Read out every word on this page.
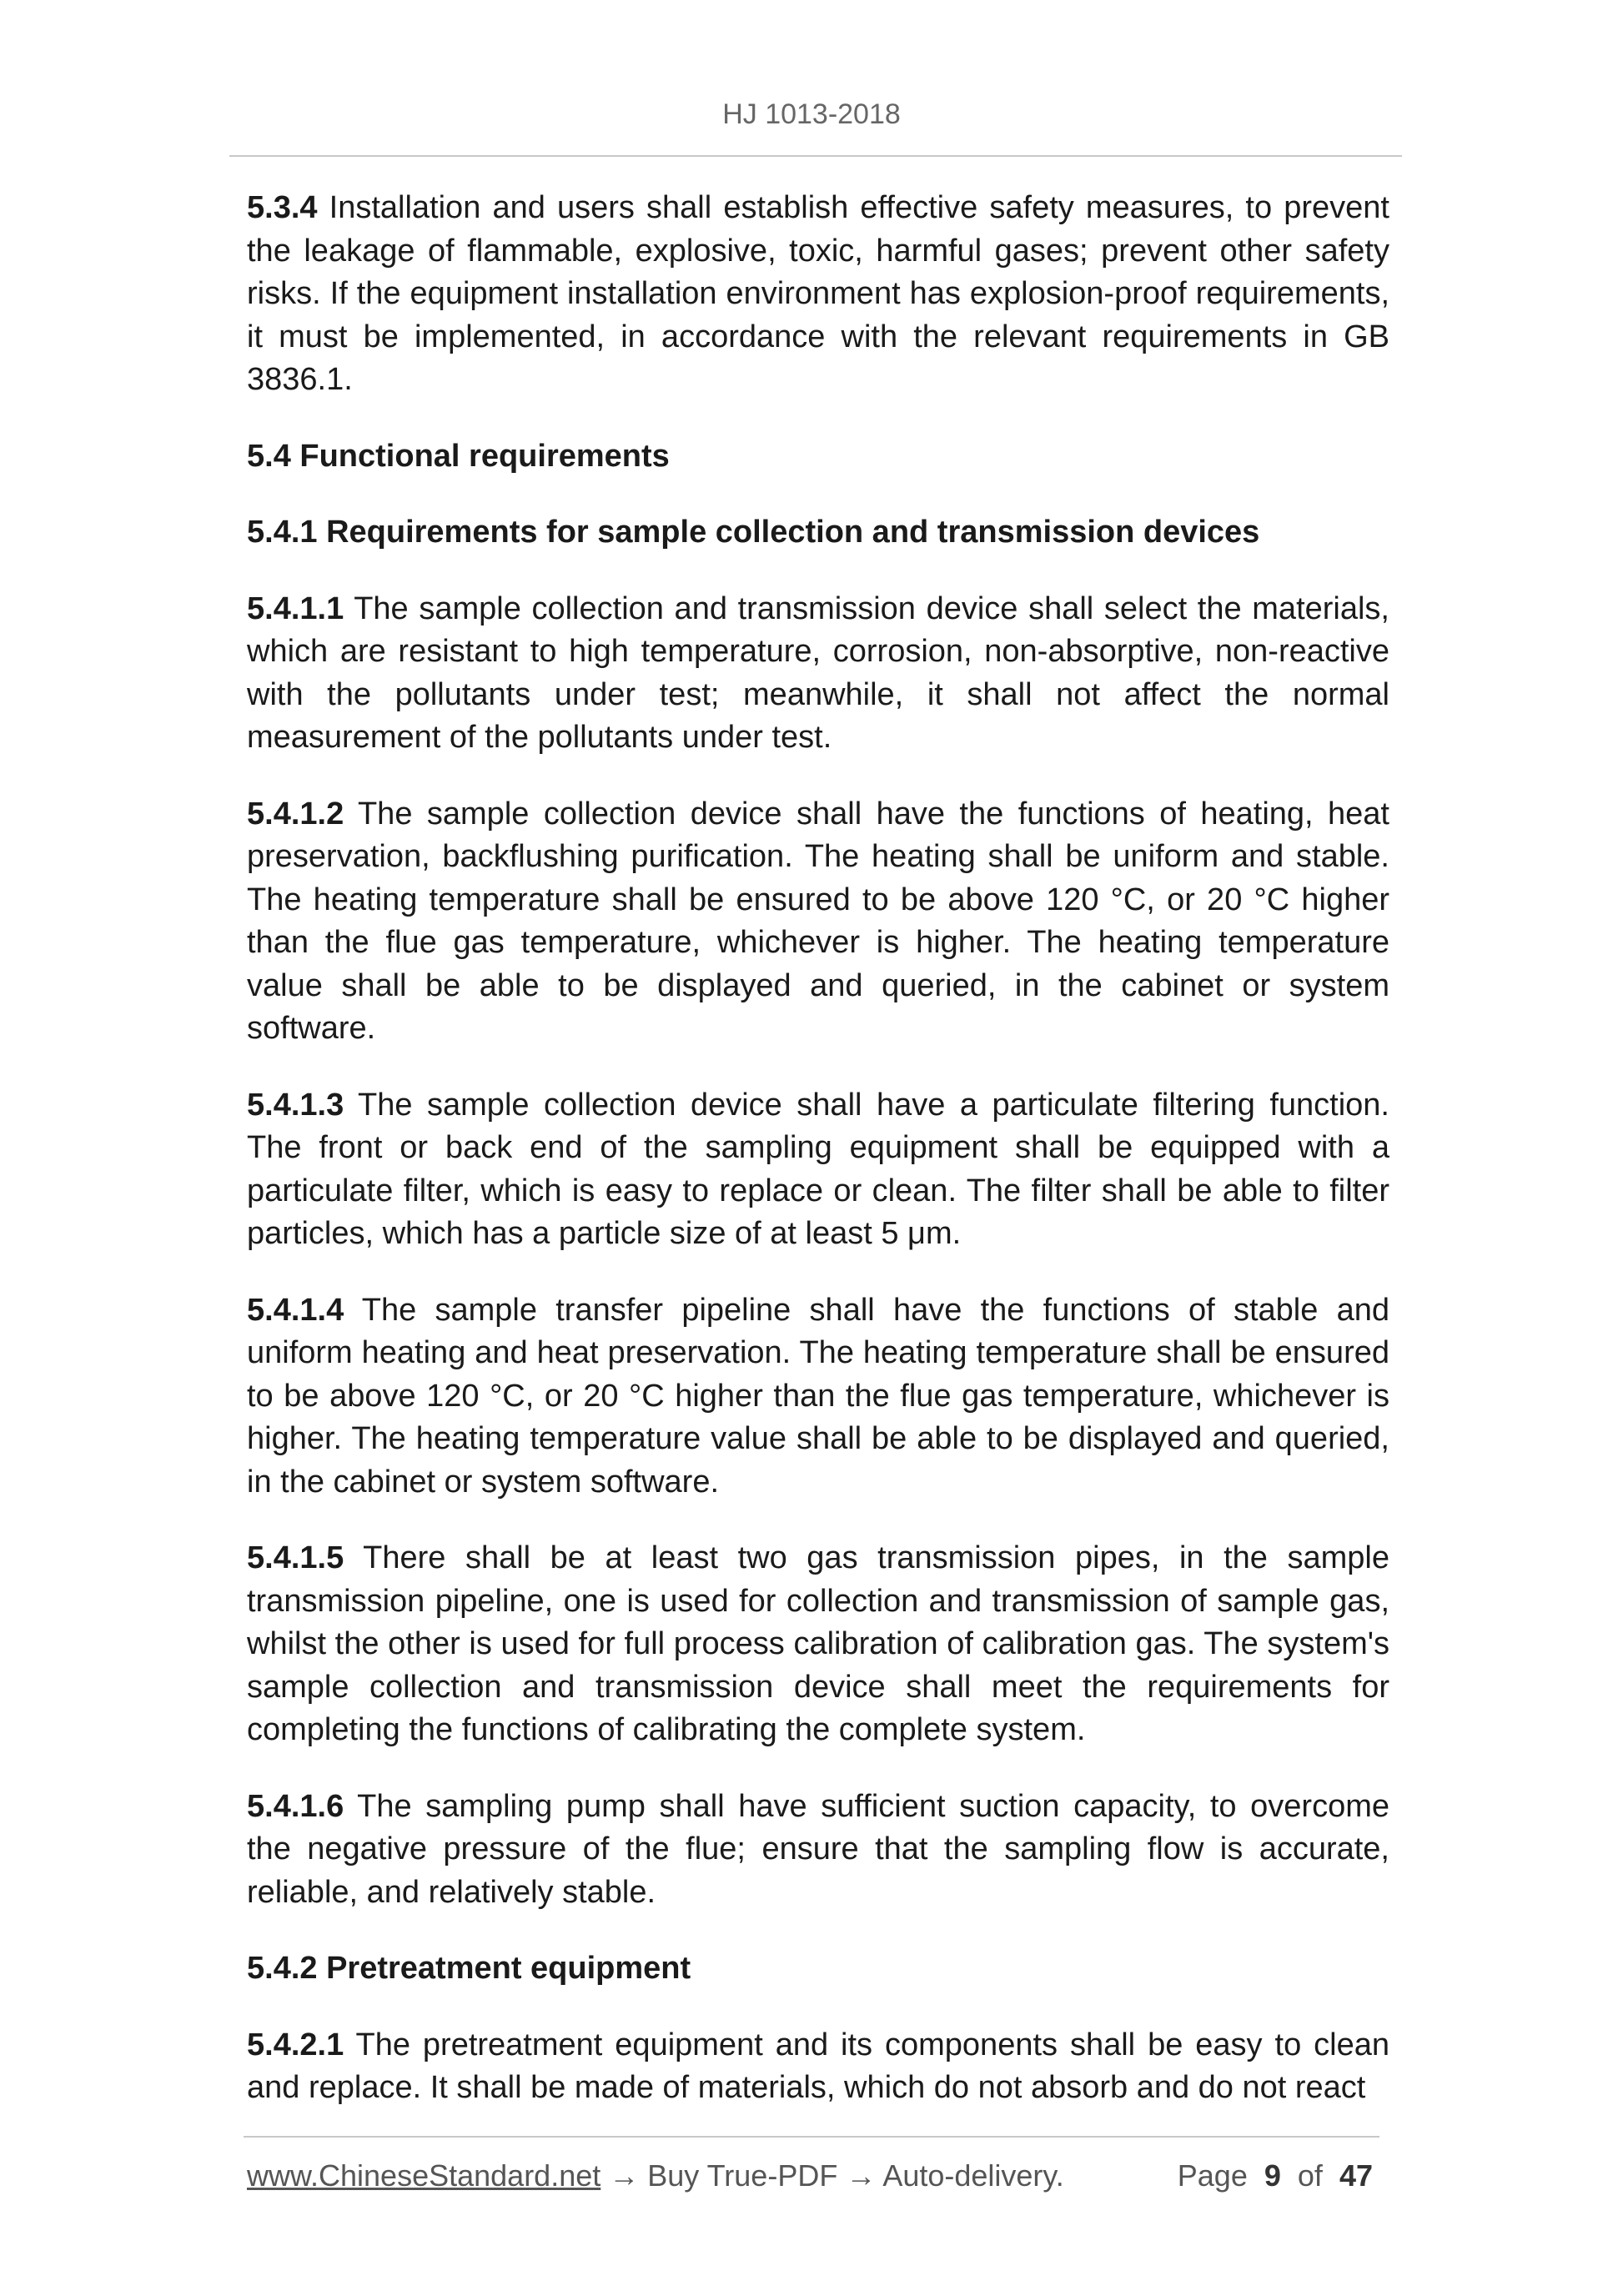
HJ 1013-2018

5.3.4 Installation and users shall establish effective safety measures, to prevent the leakage of flammable, explosive, toxic, harmful gases; prevent other safety risks. If the equipment installation environment has explosion-proof requirements, it must be implemented, in accordance with the relevant requirements in GB 3836.1.

5.4 Functional requirements

5.4.1 Requirements for sample collection and transmission devices

5.4.1.1 The sample collection and transmission device shall select the materials, which are resistant to high temperature, corrosion, non-absorptive, non-reactive with the pollutants under test; meanwhile, it shall not affect the normal measurement of the pollutants under test.

5.4.1.2 The sample collection device shall have the functions of heating, heat preservation, backflushing purification. The heating shall be uniform and stable. The heating temperature shall be ensured to be above 120 °C, or 20 °C higher than the flue gas temperature, whichever is higher. The heating temperature value shall be able to be displayed and queried, in the cabinet or system software.

5.4.1.3 The sample collection device shall have a particulate filtering function. The front or back end of the sampling equipment shall be equipped with a particulate filter, which is easy to replace or clean. The filter shall be able to filter particles, which has a particle size of at least 5 μm.

5.4.1.4 The sample transfer pipeline shall have the functions of stable and uniform heating and heat preservation. The heating temperature shall be ensured to be above 120 °C, or 20 °C higher than the flue gas temperature, whichever is higher. The heating temperature value shall be able to be displayed and queried, in the cabinet or system software.

5.4.1.5 There shall be at least two gas transmission pipes, in the sample transmission pipeline, one is used for collection and transmission of sample gas, whilst the other is used for full process calibration of calibration gas. The system's sample collection and transmission device shall meet the requirements for completing the functions of calibrating the complete system.

5.4.1.6 The sampling pump shall have sufficient suction capacity, to overcome the negative pressure of the flue; ensure that the sampling flow is accurate, reliable, and relatively stable.

5.4.2 Pretreatment equipment

5.4.2.1 The pretreatment equipment and its components shall be easy to clean and replace. It shall be made of materials, which do not absorb and do not react

www.ChineseStandard.net → Buy True-PDF → Auto-delivery.	Page 9 of 47
